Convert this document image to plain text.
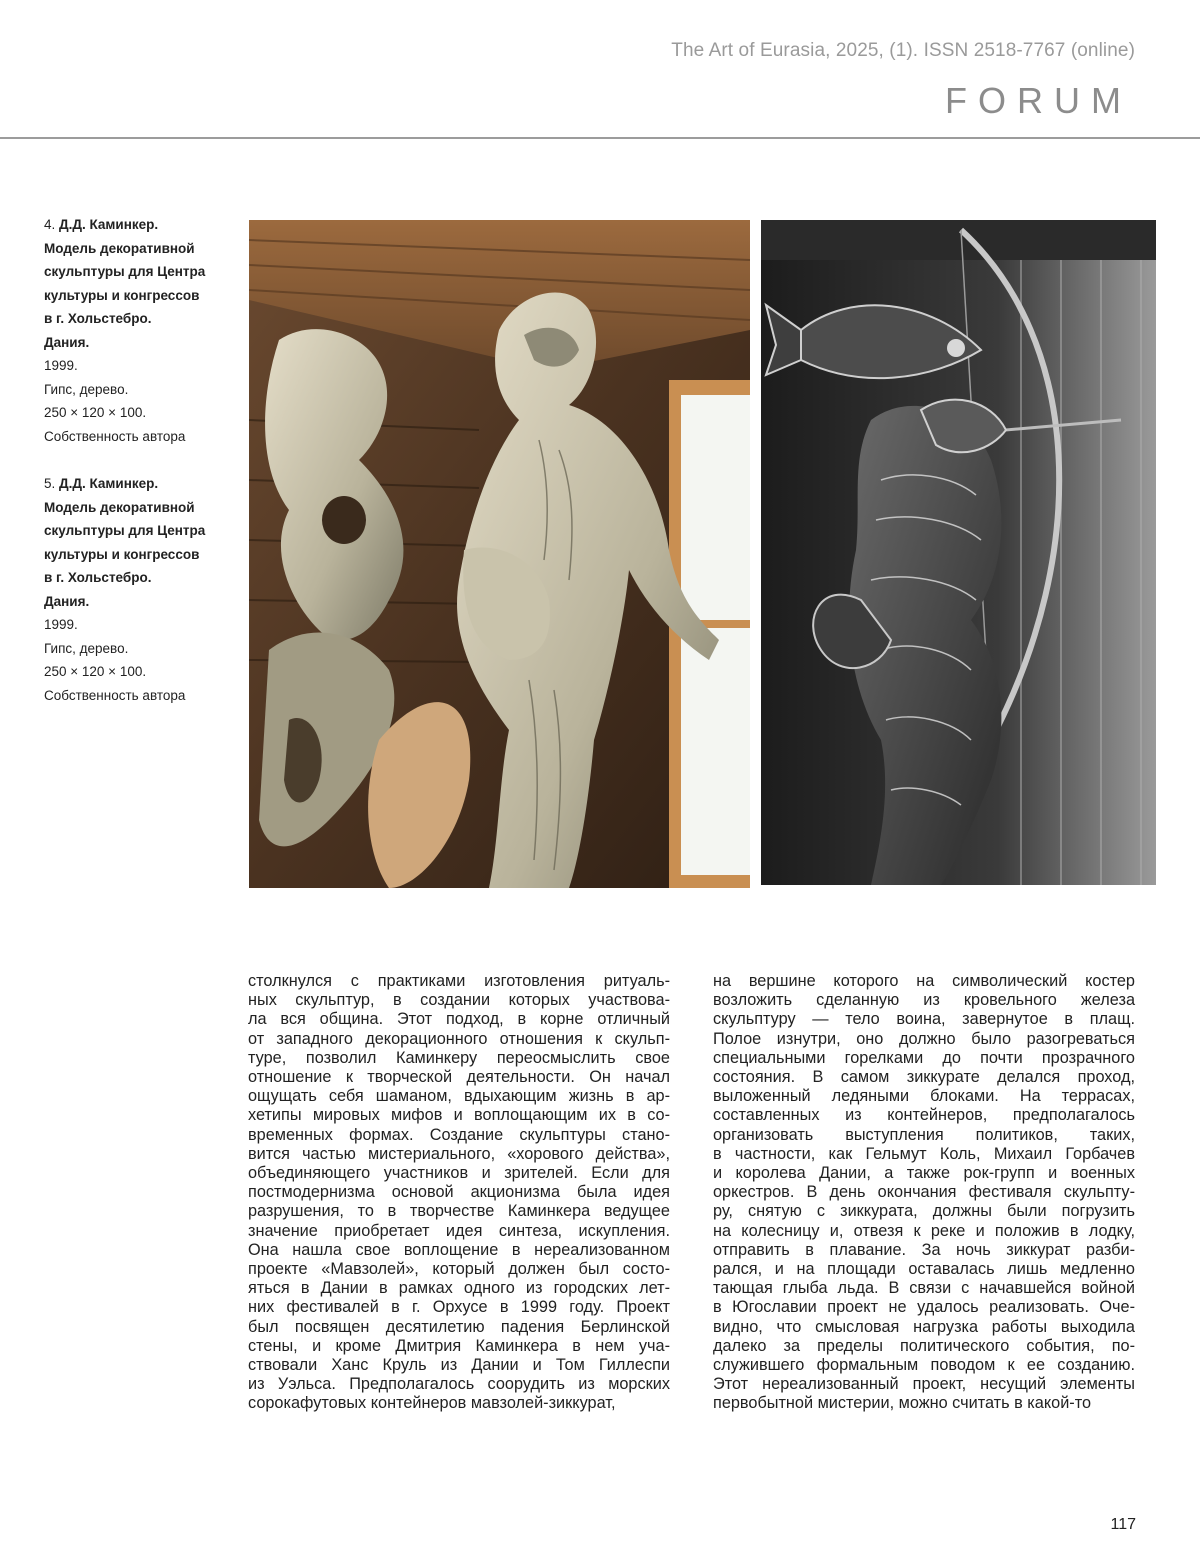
The Art of Eurasia, 2025, (1). ISSN 2518-7767 (online)
FORUM
4. Д.Д. Каминкер.
Модель декоративной
скульптуры для Центра
культуры и конгрессов
в г. Хольстебро.
Дания.
1999.
Гипс, дерево.
250 × 120 × 100.
Собственность автора
5. Д.Д. Каминкер.
Модель декоративной
скульптуры для Центра
культуры и конгрессов
в г. Хольстебро.
Дания.
1999.
Гипс, дерево.
250 × 120 × 100.
Собственность автора
столкнулся с практиками изготовления ритуаль-
ных скульптур, в создании которых участвова-
ла вся община. Этот подход, в корне отличный
от западного декорационного отношения к скульп-
туре, позволил Каминкеру переосмыслить свое
отношение к творческой деятельности. Он начал
ощущать себя шаманом, вдыхающим жизнь в ар-
хетипы мировых мифов и воплощающим их в со-
временных формах. Создание скульптуры стано-
вится частью мистериального, «хорового действа»,
объединяющего участников и зрителей. Если для
постмодернизма основой акционизма была идея
разрушения, то в творчестве Каминкера ведущее
значение приобретает идея синтеза, искупления.
Она нашла свое воплощение в нереализованном
проекте «Мавзолей», который должен был состо-
яться в Дании в рамках одного из городских лет-
них фестивалей в г. Орхусе в 1999 году. Проект
был посвящен десятилетию падения Берлинской
стены, и кроме Дмитрия Каминкера в нем уча-
ствовали Ханс Круль из Дании и Том Гиллеспи
из Уэльса. Предполагалось соорудить из морских
сорокафутовых контейнеров мавзолей-зиккурат,
на вершине которого на символический костер
возложить сделанную из кровельного железа
скульптуру — тело воина, завернутое в плащ.
Полое изнутри, оно должно было разогреваться
специальными горелками до почти прозрачного
состояния. В самом зиккурате делался проход,
выложенный ледяными блоками. На террасах,
составленных из контейнеров, предполагалось
организовать выступления политиков, таких,
в частности, как Гельмут Коль, Михаил Горбачев
и королева Дании, а также рок-групп и военных
оркестров. В день окончания фестиваля скульпту-
ру, снятую с зиккурата, должны были погрузить
на колесницу и, отвезя к реке и положив в лодку,
отправить в плавание. За ночь зиккурат разби-
рался, и на площади оставалась лишь медленно
тающая глыба льда. В связи с начавшейся войной
в Югославии проект не удалось реализовать. Оче-
видно, что смысловая нагрузка работы выходила
далеко за пределы политического события, по-
служившего формальным поводом к ее созданию.
Этот нереализованный проект, несущий элементы
первобытной мистерии, можно считать в какой-то
117
